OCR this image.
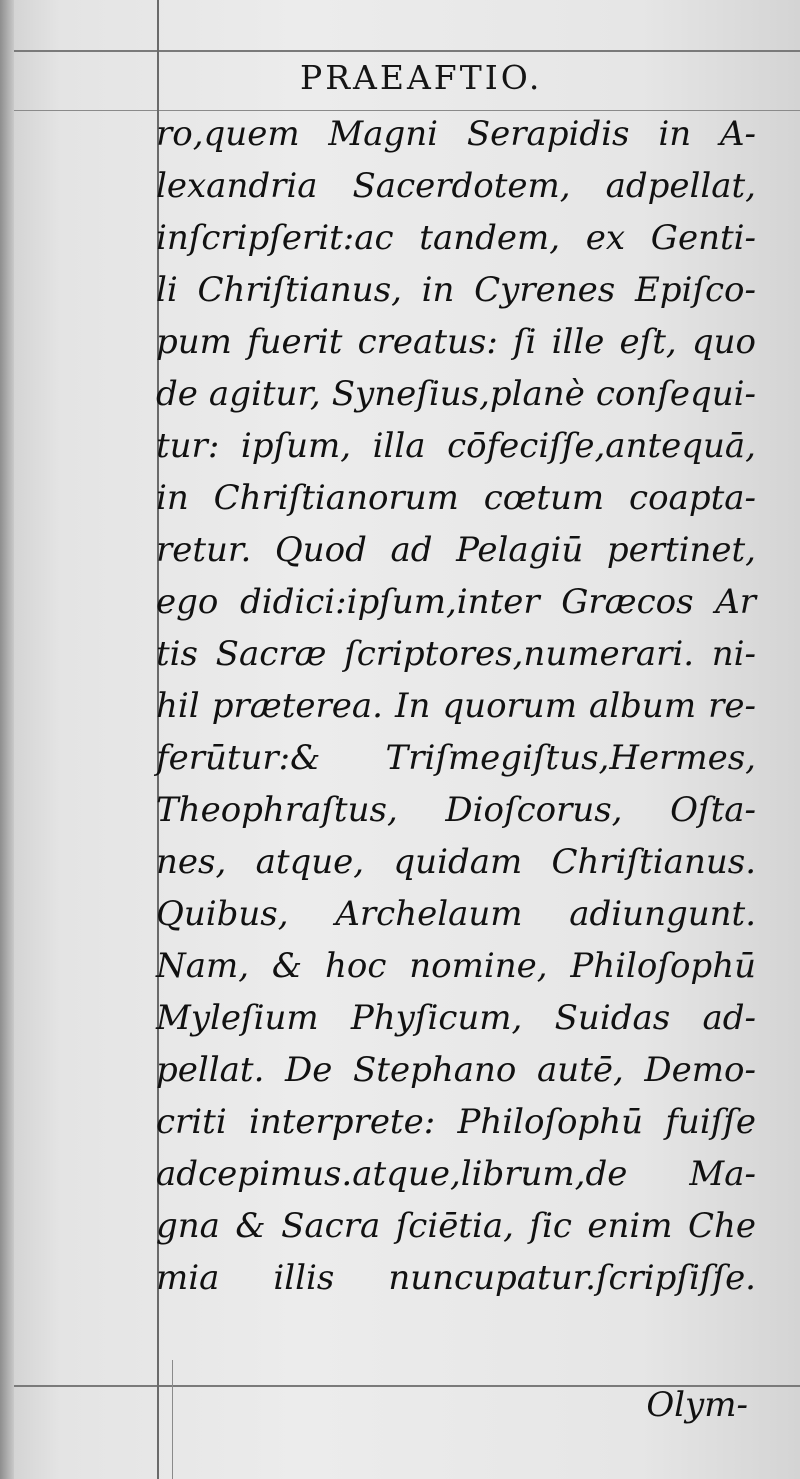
PRAEAFTIO.
ro,quem Magni Serapidis in A-
lexandria Sacerdotem, adpellat,
inſcripſerit:ac tandem, ex Genti-
li Chriſtianus, in Cyrenes Epiſco-
pum fuerit creatus: ſi ille eſt, quo
de agitur, Syneſius,planè conſequi-
tur: ipſum, illa cōfeciſſe,antequā,
in Chriſtianorum cœtum coapta-
retur. Quod ad Pelagiū pertinet,
ego didici:ipſum,inter Græcos Ar
tis Sacræ ſcriptores,numerari. ni-
hil præterea. In quorum album re-
ferūtur:& Triſmegiſtus,Hermes,
Theophraſtus, Dioſcorus, Oſta-
nes, atque, quidam Chriſtianus.
Quibus, Archelaum adiungunt.
Nam, & hoc nomine, Philoſophū
Myleſium Phyſicum, Suidas ad-
pellat. De Stephano autē, Demo-
criti interprete: Philoſophū fuiſſe
adcepimus.atque,librum,de Ma-
gna & Sacra ſciētia, ſic enim Che
mia illis nuncupatur.ſcripſiſſe.
Olym-
